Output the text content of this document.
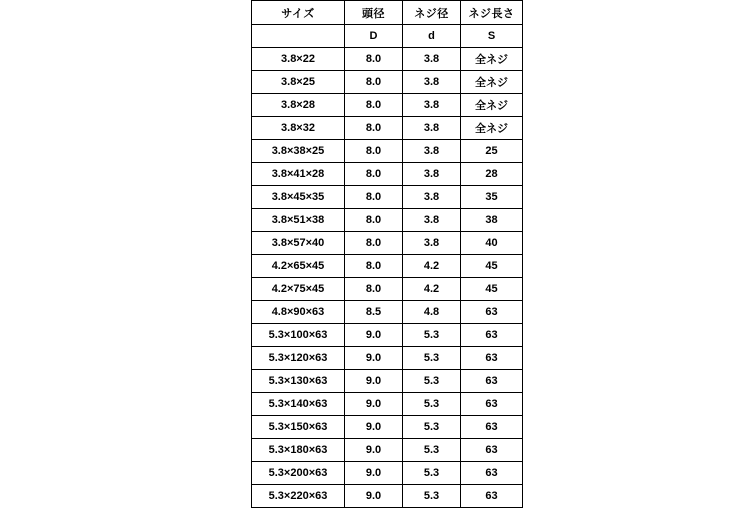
サイズ	頭径	ネジ径	ネジ長さ
	D	d	S
3.8×22	8.0	3.8	全ネジ
3.8×25	8.0	3.8	全ネジ
3.8×28	8.0	3.8	全ネジ
3.8×32	8.0	3.8	全ネジ
3.8×38×25	8.0	3.8	25
3.8×41×28	8.0	3.8	28
3.8×45×35	8.0	3.8	35
3.8×51×38	8.0	3.8	38
3.8×57×40	8.0	3.8	40
4.2×65×45	8.0	4.2	45
4.2×75×45	8.0	4.2	45
4.8×90×63	8.5	4.8	63
5.3×100×63	9.0	5.3	63
5.3×120×63	9.0	5.3	63
5.3×130×63	9.0	5.3	63
5.3×140×63	9.0	5.3	63
5.3×150×63	9.0	5.3	63
5.3×180×63	9.0	5.3	63
5.3×200×63	9.0	5.3	63
5.3×220×63	9.0	5.3	63
